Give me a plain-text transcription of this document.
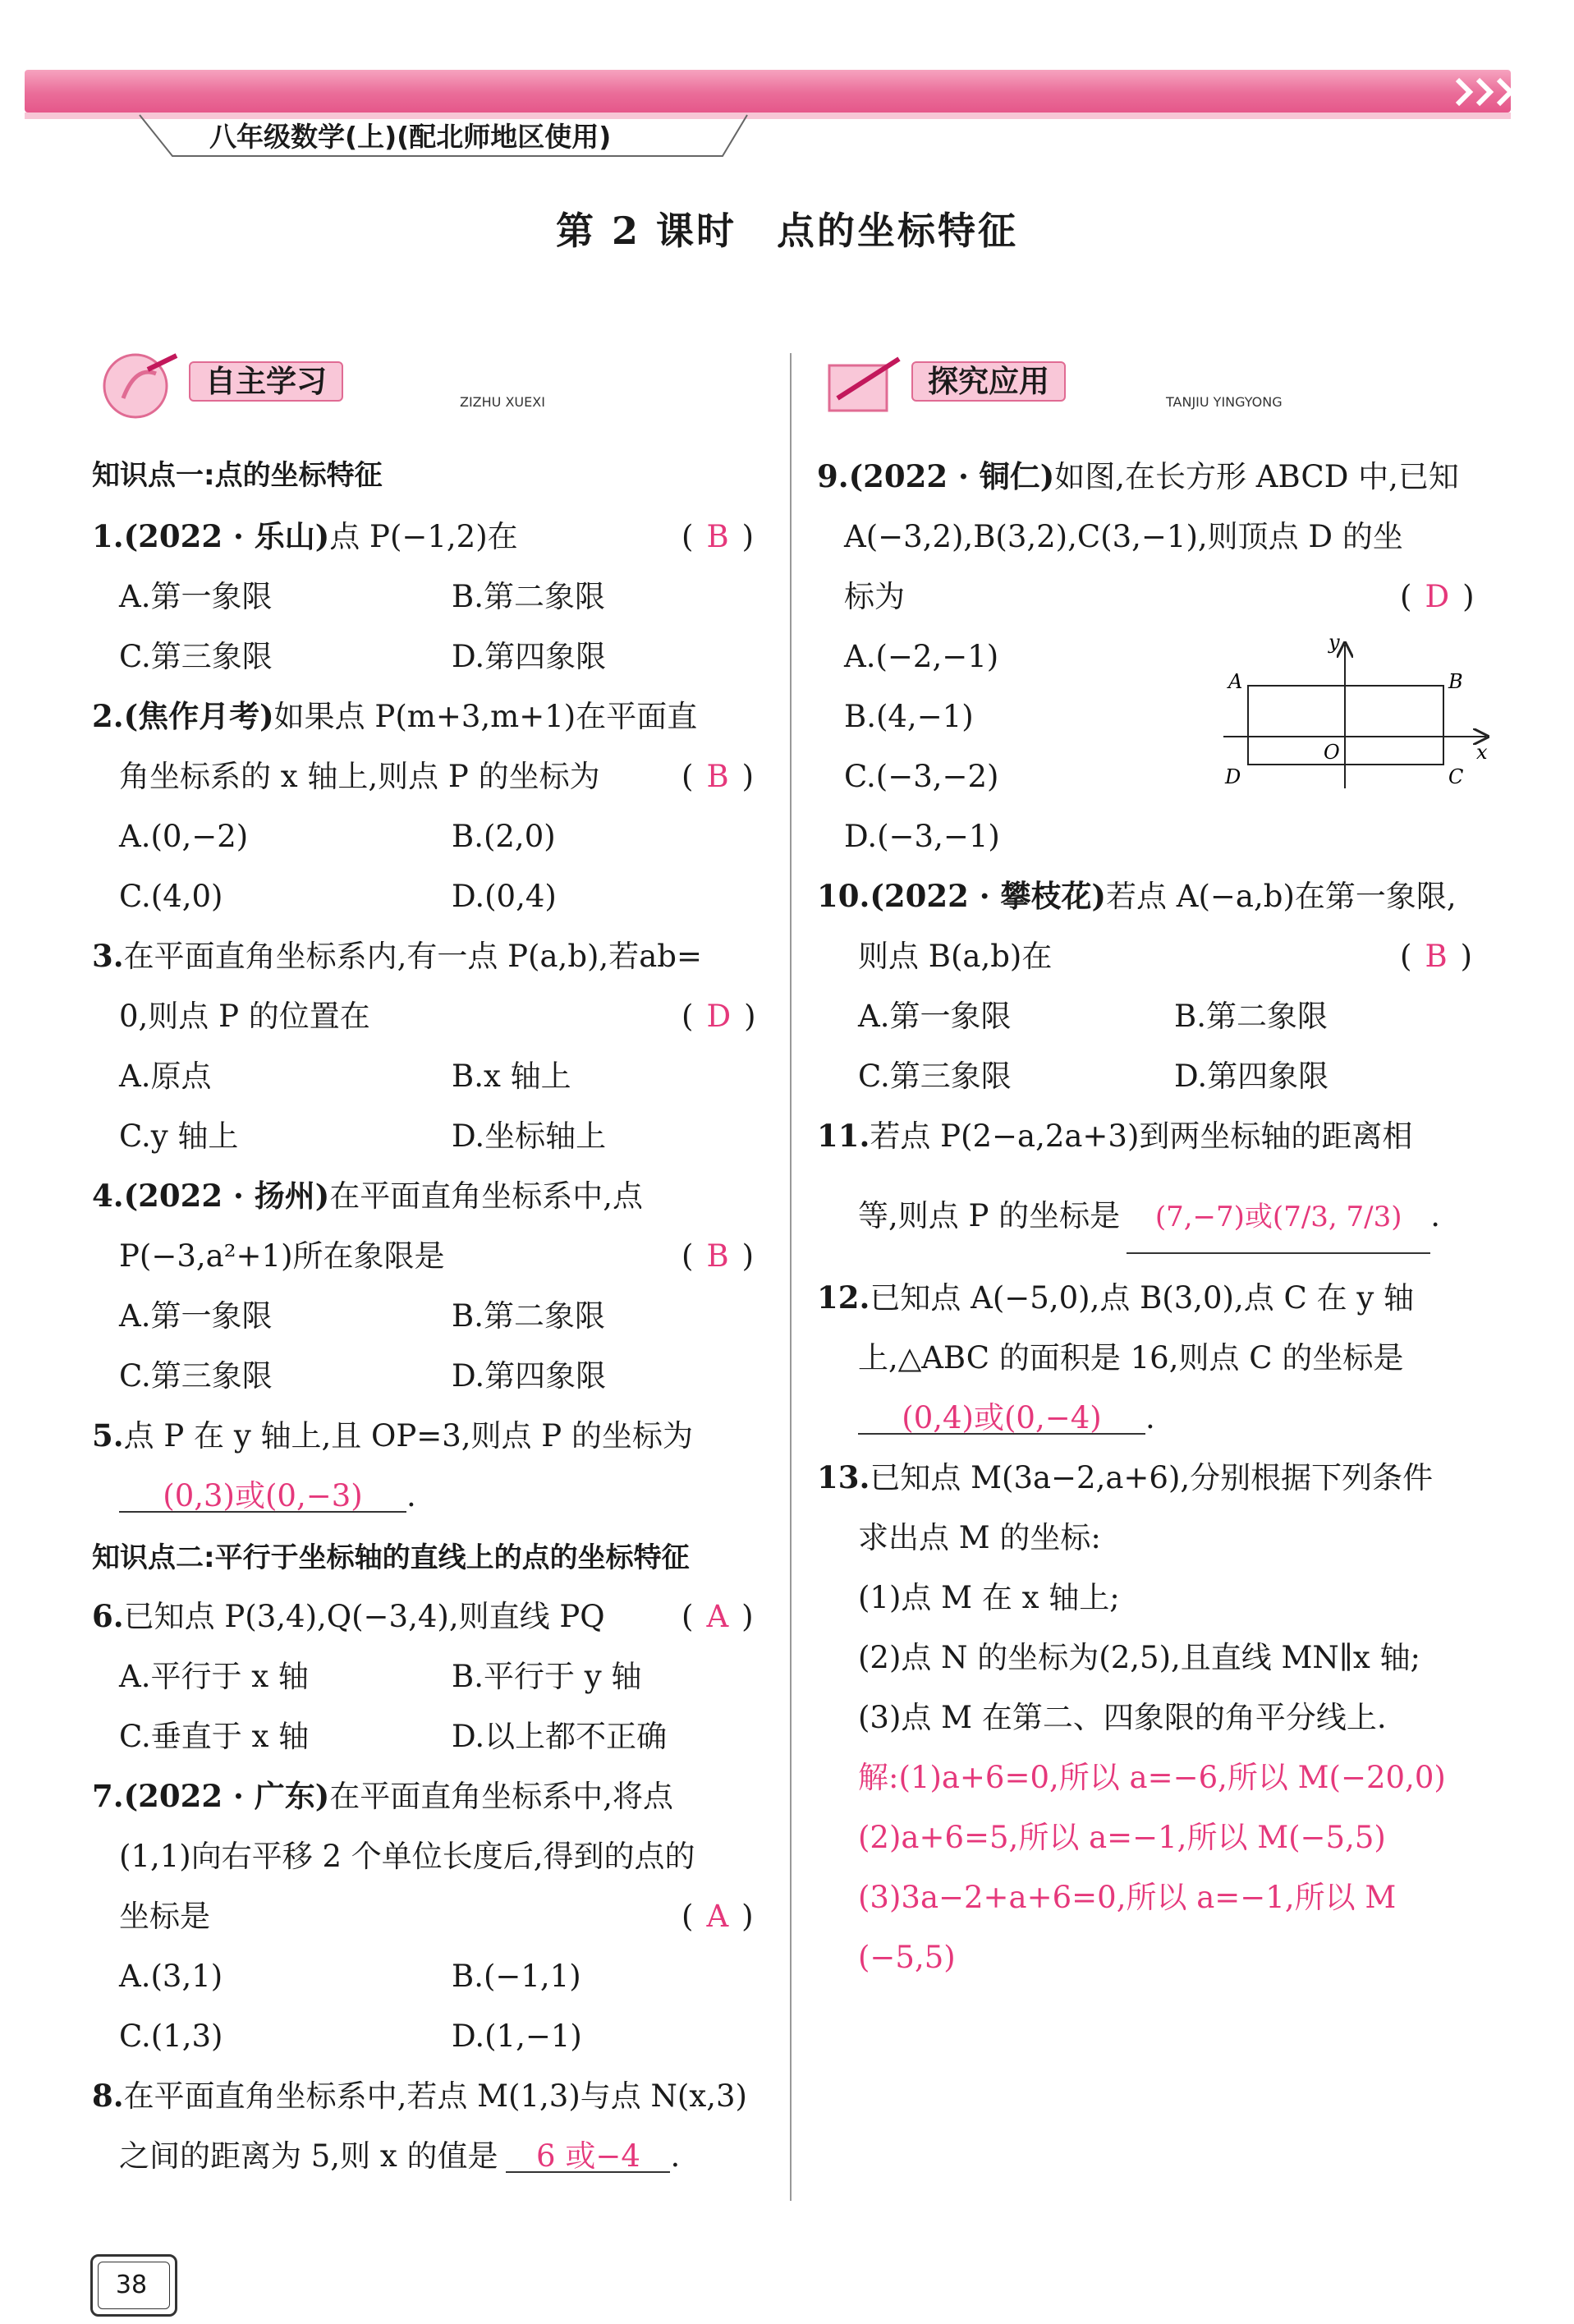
八年级数学(上)(配北师地区使用)
第 2 课时　点的坐标特征
自主学习
ZIZHU XUEXI
探究应用
TANJIU YINGYONG
知识点一:点的坐标特征
1.(2022 · 乐山)点 P(−1,2)在	( B )
A.第一象限	B.第二象限
C.第三象限	D.第四象限
2.(焦作月考)如果点 P(m+3,m+1)在平面直
角坐标系的 x 轴上,则点 P 的坐标为	( B )
A.(0,−2)	B.(2,0)
C.(4,0)	D.(0,4)
3.在平面直角坐标系内,有一点 P(a,b),若ab=
0,则点 P 的位置在	( D )
A.原点	B.x 轴上
C.y 轴上	D.坐标轴上
4.(2022 · 扬州)在平面直角坐标系中,点
P(−3,a²+1)所在象限是	( B )
A.第一象限	B.第二象限
C.第三象限	D.第四象限
5.点 P 在 y 轴上,且 OP=3,则点 P 的坐标为
(0,3)或(0,−3) .
知识点二:平行于坐标轴的直线上的点的坐标特征
6.已知点 P(3,4),Q(−3,4),则直线 PQ	( A )
A.平行于 x 轴	B.平行于 y 轴
C.垂直于 x 轴	D.以上都不正确
7.(2022 · 广东)在平面直角坐标系中,将点
(1,1)向右平移 2 个单位长度后,得到的点的
坐标是	( A )
A.(3,1)	B.(−1,1)
C.(1,3)	D.(1,−1)
8.在平面直角坐标系中,若点 M(1,3)与点 N(x,3)
之间的距离为 5,则 x 的值是 6 或−4 .
9.(2022 · 铜仁)如图,在长方形 ABCD 中,已知
A(−3,2),B(3,2),C(3,−1),则顶点 D 的坐
标为	( D )
A.(−2,−1)
B.(4,−1)
C.(−3,−2)
D.(−3,−1)
y
x
O
A	B
C
D
10.(2022 · 攀枝花)若点 A(−a,b)在第一象限,
则点 B(a,b)在	( B )
A.第一象限	B.第二象限
C.第三象限	D.第四象限
11.若点 P(2−a,2a+3)到两坐标轴的距离相
等,则点 P 的坐标是 (7,−7)或(7/3, 7/3) .
12.已知点 A(−5,0),点 B(3,0),点 C 在 y 轴
上,△ABC 的面积是 16,则点 C 的坐标是
(0,4)或(0,−4) .
13.已知点 M(3a−2,a+6),分别根据下列条件
求出点 M 的坐标:
(1)点 M 在 x 轴上;
(2)点 N 的坐标为(2,5),且直线 MN∥x 轴;
(3)点 M 在第二、四象限的角平分线上.
解:(1)a+6=0,所以 a=−6,所以 M(−20,0)
(2)a+6=5,所以 a=−1,所以 M(−5,5)
(3)3a−2+a+6=0,所以 a=−1,所以 M
(−5,5)
38
